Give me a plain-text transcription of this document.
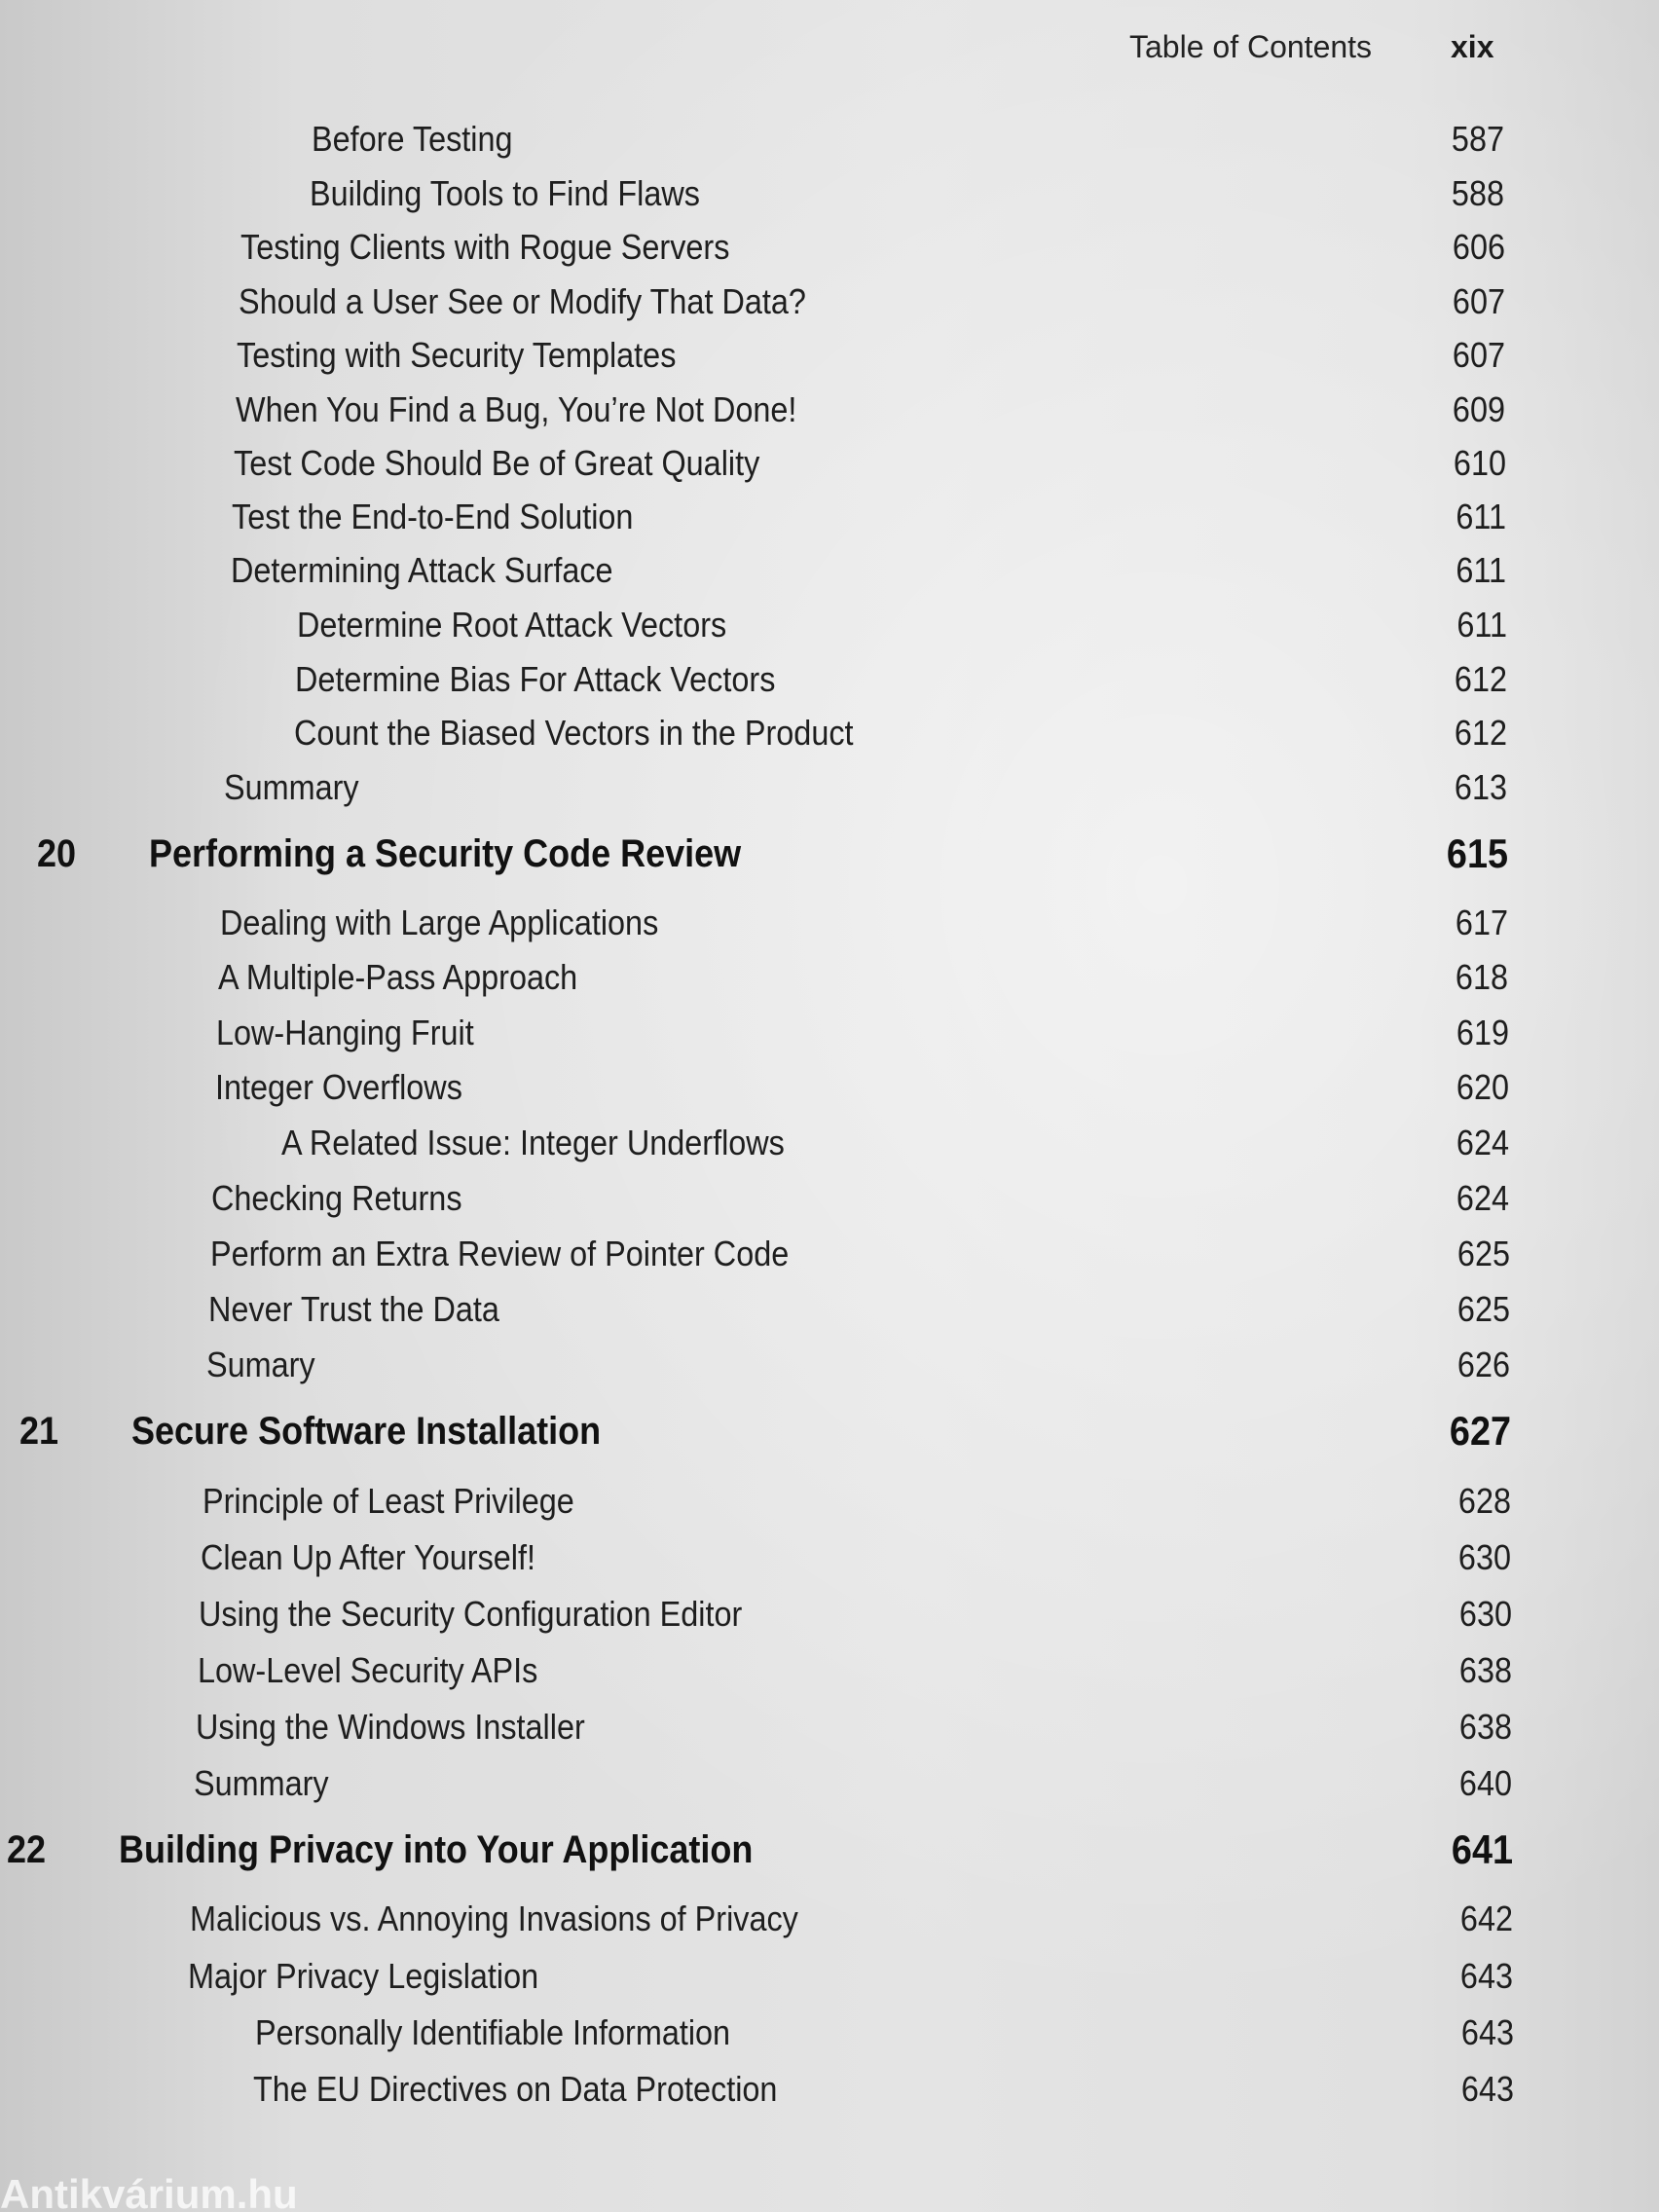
Table of Contents	xix
Before Testing	587
Building Tools to Find Flaws	588
Testing Clients with Rogue Servers	606
Should a User See or Modify That Data?	607
Testing with Security Templates	607
When You Find a Bug, You’re Not Done!	609
Test Code Should Be of Great Quality	610
Test the End-to-End Solution	611
Determining Attack Surface	611
Determine Root Attack Vectors	611
Determine Bias For Attack Vectors	612
Count the Biased Vectors in the Product	612
Summary	613
20 Performing a Security Code Review	615
Dealing with Large Applications	617
A Multiple-Pass Approach	618
Low-Hanging Fruit	619
Integer Overflows	620
A Related Issue: Integer Underflows	624
Checking Returns	624
Perform an Extra Review of Pointer Code	625
Never Trust the Data	625
Sumary	626
21 Secure Software Installation	627
Principle of Least Privilege	628
Clean Up After Yourself!	630
Using the Security Configuration Editor	630
Low-Level Security APIs	638
Using the Windows Installer	638
Summary	640
22 Building Privacy into Your Application	641
Malicious vs. Annoying Invasions of Privacy	642
Major Privacy Legislation	643
Personally Identifiable Information	643
The EU Directives on Data Protection	643
Antikvárium.hu
